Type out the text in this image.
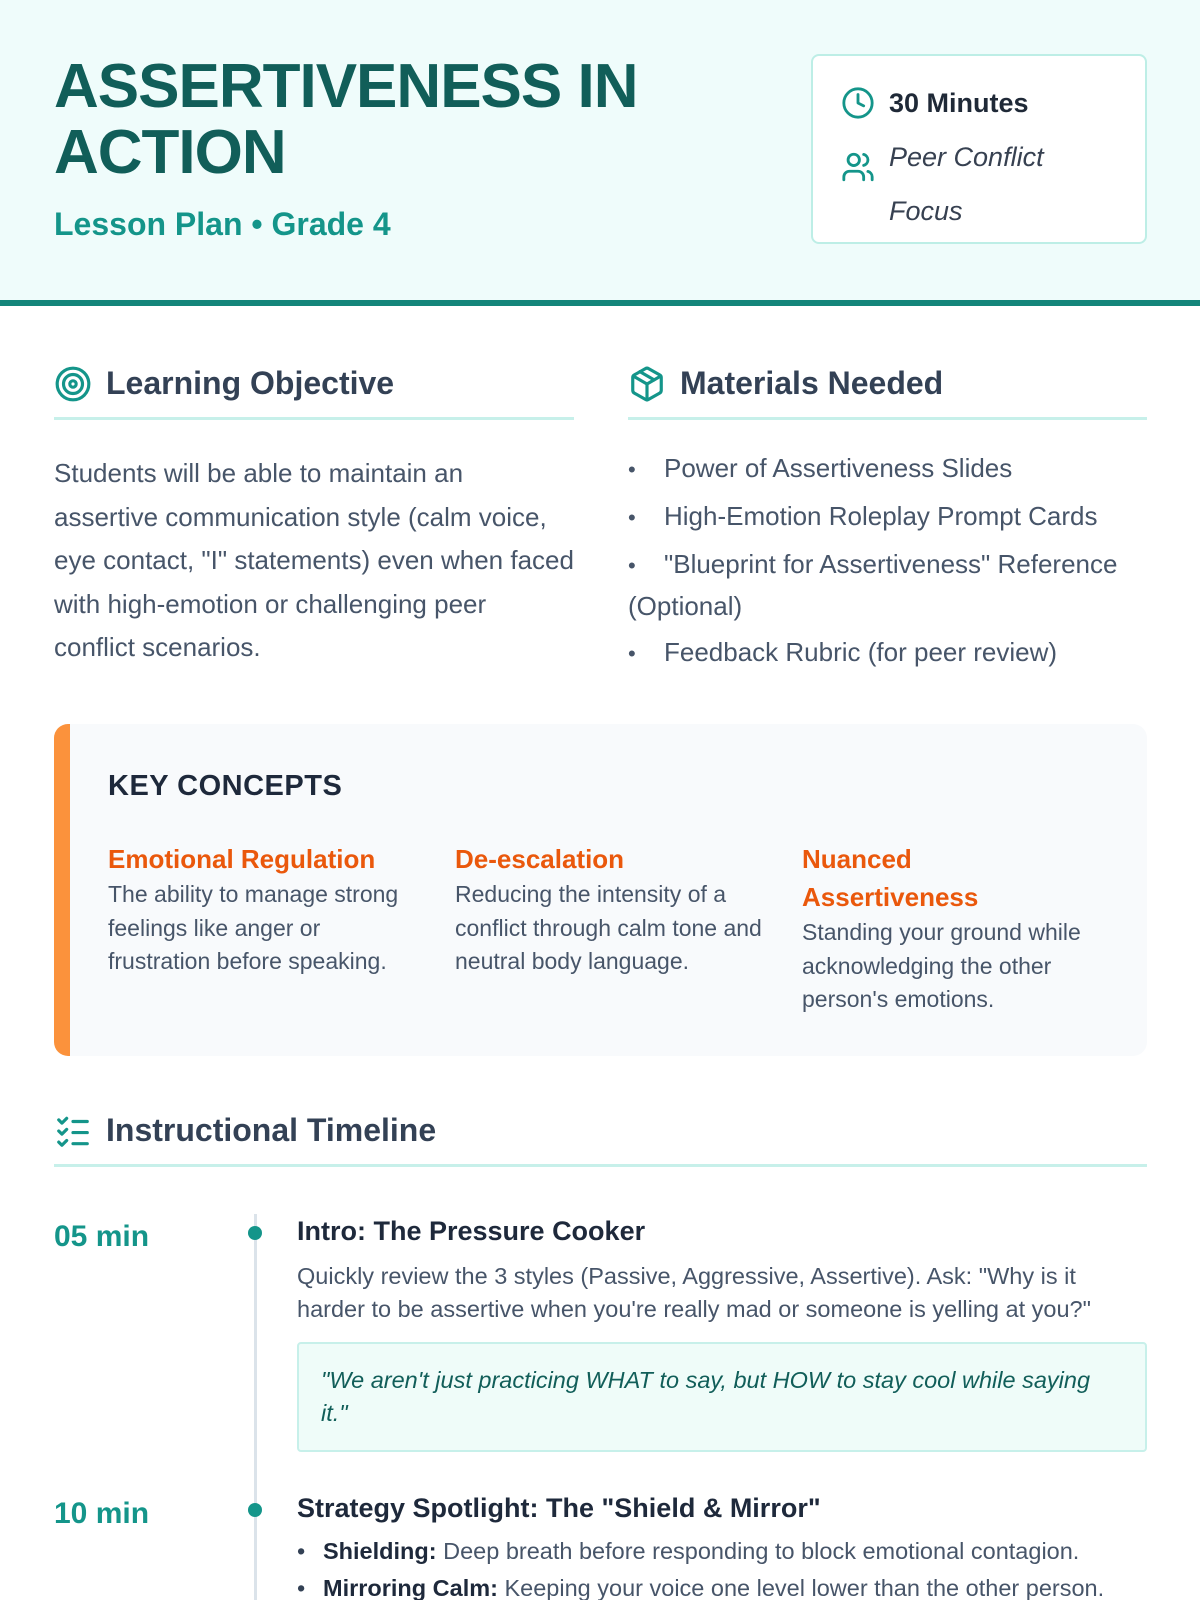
ASSERTIVENESS IN ACTION
Lesson Plan • Grade 4
30 Minutes
Peer Conflict Focus
Learning Objective

Students will be able to maintain an assertive communication style (calm voice, eye contact, "I" statements) even when faced with high-emotion or challenging peer conflict scenarios.

Materials Needed
• Power of Assertiveness Slides
• High-Emotion Roleplay Prompt Cards
• "Blueprint for Assertiveness" Reference (Optional)
• Feedback Rubric (for peer review)
KEY CONCEPTS
Emotional Regulation
The ability to manage strong feelings like anger or frustration before speaking.
De-escalation
Reducing the intensity of a conflict through calm tone and neutral body language.
Nuanced Assertiveness
Standing your ground while acknowledging the other person's emotions.
Instructional Timeline
05 min	Intro: The Pressure Cooker
Quickly review the 3 styles (Passive, Aggressive, Assertive). Ask: "Why is it harder to be assertive when you're really mad or someone is yelling at you?"
"We aren't just practicing WHAT to say, but HOW to stay cool while saying it."
10 min	Strategy Spotlight: The "Shield & Mirror"
• Shielding: Deep breath before responding to block emotional contagion.
• Mirroring Calm: Keeping your voice one level lower than the other person.
